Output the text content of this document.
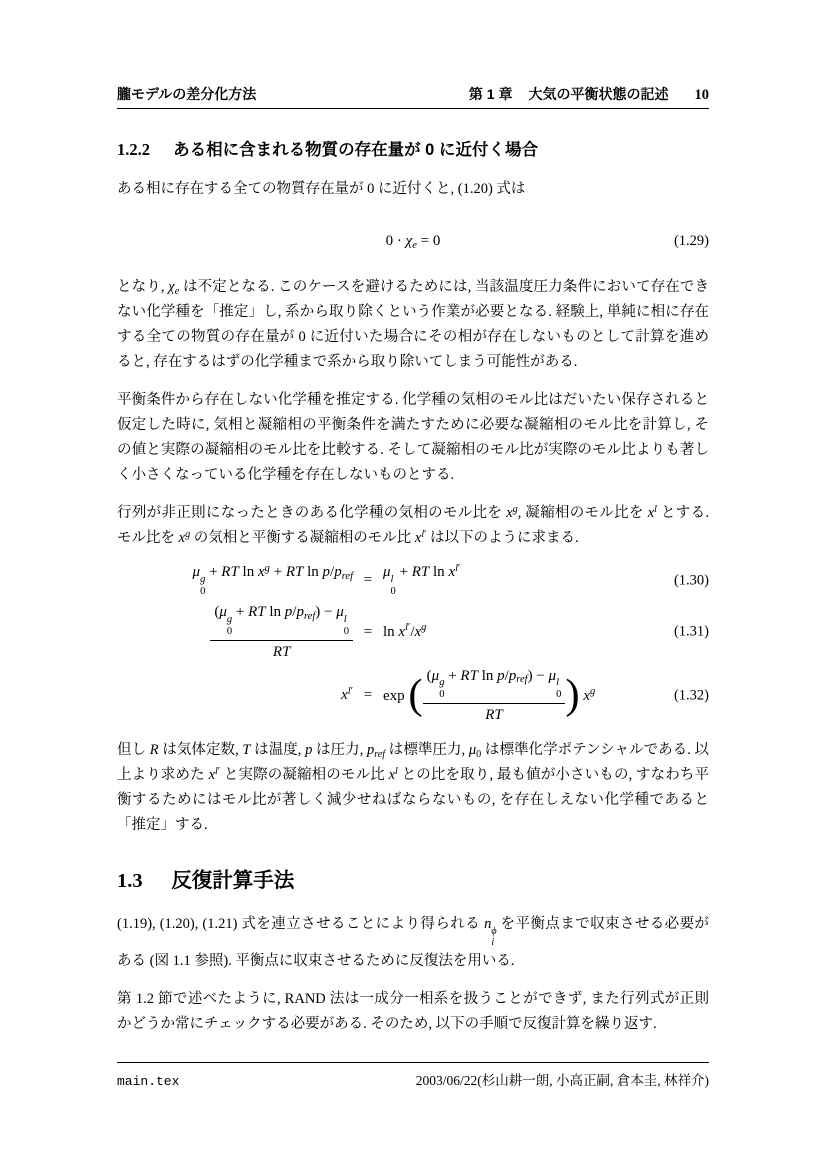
朧モデルの差分化方法	第 1 章 大気の平衡状態の記述 10
1.2.2 ある相に含まれる物質の存在量が 0 に近付く場合

ある相に存在する全ての物質存在量が 0 に近付くと, (1.20) 式は

0 · χe = 0	(1.29)

となり, χe は不定となる. このケースを避けるためには, 当該温度圧力条件において存在できない化学種を「推定」し, 系から取り除くという作業が必要となる. 経験上, 単純に相に存在する全ての物質の存在量が 0 に近付いた場合にその相が存在しないものとして計算を進めると, 存在するはずの化学種まで系から取り除いてしまう可能性がある.

平衡条件から存在しない化学種を推定する. 化学種の気相のモル比はだいたい保存されると仮定した時に, 気相と凝縮相の平衡条件を満たすために必要な凝縮相のモル比を計算し, その値と実際の凝縮相のモル比を比較する. そして凝縮相のモル比が実際のモル比よりも著しく小さくなっている化学種を存在しないものとする.

行列が非正則になったときのある化学種の気相のモル比を $x^g$, 凝縮相のモル比を $x^l$ とする. モル比を $x^g$ の気相と平衡する凝縮相のモル比 $x^{l'}$ は以下のように求まる.

μ g
0
+ RT $\ln x^g$ + RT ln p/pref =
μ l
0
+ RT $\ln x^{l'}$
(1.30)
(μ g
0
+ RT ln p/pref) − μ l
0
RT = $\ln x^{l'}/x^g$	(1.31)
$x^{l'} = \exp$ ( (μ g
0
+ RT ln p/pref) − μ l
0
RT ) $x^g$	(1.32)

但し R は気体定数, T は温度, p は圧力, pref は標準圧力, μ0 は標準化学ポテンシャルである. 以上より求めた $x^{l'}$ と実際の凝縮相のモル比 $x^l$ との比を取り, 最も値が小さいもの, すなわち平衡するためにはモル比が著しく減少せねばならないもの, を存在しえない化学種であると「推定」する.

1.3 反復計算手法

(1.19), (1.20), (1.21) 式を連立させることにより得られる n ϕ
i
を平衡点まで収束させる必要がある (図 1.1 参照). 平衡点に収束させるために反復法を用いる.

第 1.2 節で述べたように, RAND 法は一成分一相系を扱うことができず, また行列式が正則かどうか常にチェックする必要がある. そのため, 以下の手順で反復計算を繰り返す.

main.tex	2003/06/22(杉山耕一朗, 小高正嗣, 倉本圭, 林祥介)
